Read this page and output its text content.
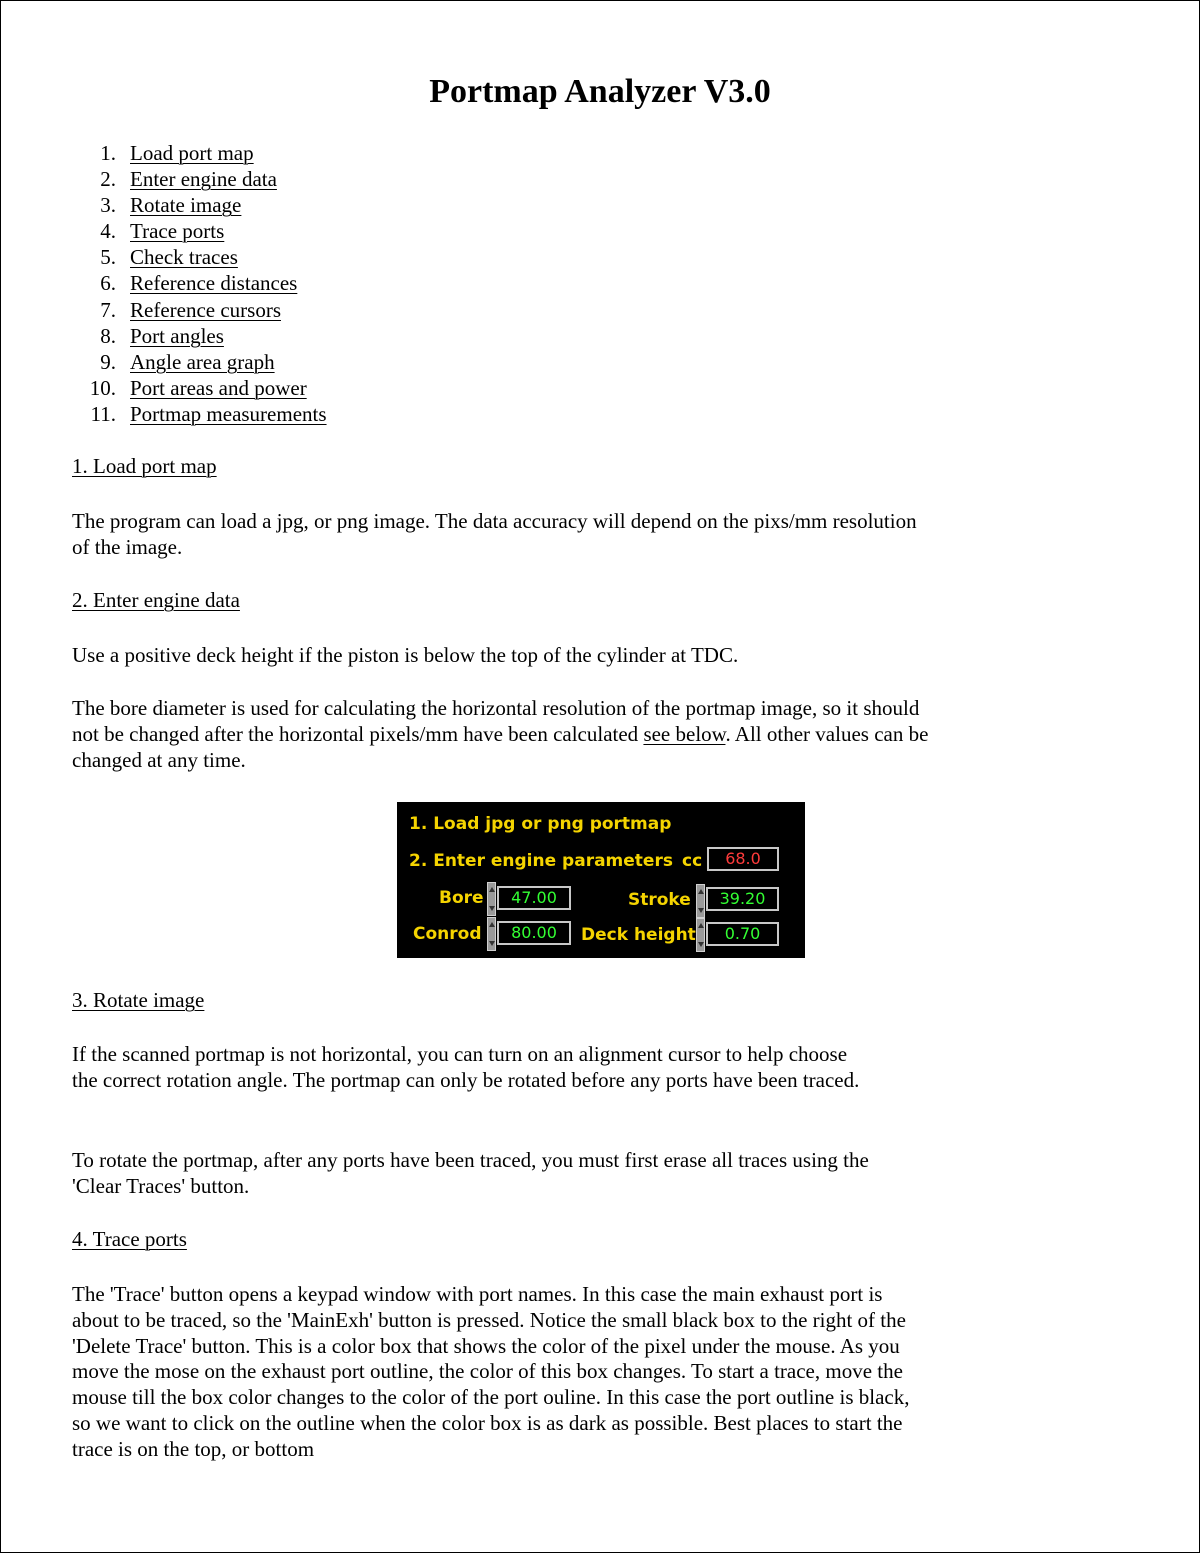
Portmap Analyzer V3.0
1. Load port map
2. Enter engine data
3. Rotate image
4. Trace ports
5. Check traces
6. Reference distances
7. Reference cursors
8. Port angles
9. Angle area graph
10. Port areas and power
11. Portmap measurements

1. Load port map

The program can load a jpg, or png image. The data accuracy will depend on the pixs/mm resolution of the image.

2. Enter engine data

Use a positive deck height if the piston is below the top of the cylinder at TDC.

The bore diameter is used for calculating the horizontal resolution of the portmap image, so it should not be changed after the horizontal pixels/mm have been calculated see below. All other values can be changed at any time.

1. Load jpg or png portmap
2. Enter engine parameters cc	68.0
Bore	47.00	Stroke	39.20
Conrod	80.00	Deck height	0.70

3. Rotate image

If the scanned portmap is not horizontal, you can turn on an alignment cursor to help choose the correct rotation angle. The portmap can only be rotated before any ports have been traced.

To rotate the portmap, after any ports have been traced, you must first erase all traces using the 'Clear Traces' button.

4. Trace ports

The 'Trace' button opens a keypad window with port names. In this case the main exhaust port is about to be traced, so the 'MainExh' button is pressed. Notice the small black box to the right of the 'Delete Trace' button. This is a color box that shows the color of the pixel under the mouse. As you move the mose on the exhaust port outline, the color of this box changes. To start a trace, move the mouse till the box color changes to the color of the port ouline. In this case the port outline is black, so we want to click on the outline when the color box is as dark as possible. Best places to start the trace is on the top, or bottom
